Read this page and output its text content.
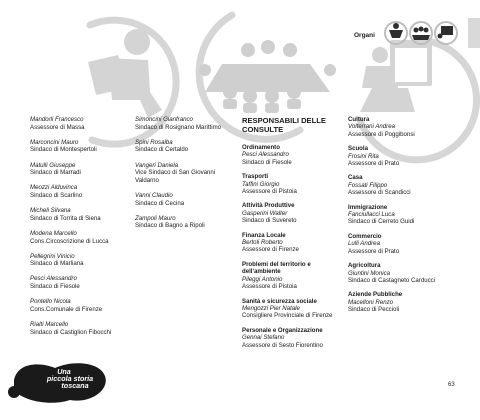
Organi
Mandorli Francesco
Assessore di Massa
Marconcini Mauro
Sindaco di Montespertoli
Matulli Giuseppe
Sindaco di Marradi
Meozzi Alduvinca
Sindaco di Scarlino
Micheli Silvana
Sindaco di Torrita di Siena
Modena Marcello
Cons.Circoscrizione di Lucca
Pellegrini Vinicio
Sindaco di Marliana
Pesci Alessandro
Sindaco di Fiesole
Pontello Nicola
Cons.Comunale di Firenze
Rialti Marcello
Sindaco di Castiglion Fibocchi
Simoncini Gianfranco
Sindaco di Rosignano Marittimo
Spini Rosalba
Sindaco di Certaldo
Vangeri Daniela
Vice Sindaco di San Giovanni Valdarno
Vanni Claudio
Sindaco di Cecina
Zampoli Mauro
Sindaco di Bagno a Ripoli
RESPONSABILI DELLE CONSULTE
Ordinamento
Pesci Alessandro
Sindaco di Fiesole
Trasporti
Taffini Giorgio
Assessore di Pistoia
Attività Produttive
Gasperini Walter
Sindaco di Suvereto
Finanza Locale
Bertoli Roberto
Assessore di Firenze
Problemi del territorio e dell'ambiente
Pileggi Antonio
Assessore di Pistoia
Sanità e sicurezza sociale
Mengozzi Pier Natale
Consigliere Provinciale di Firenze
Personale e Organizzazione
Gennai Stefano
Assessore di Sesto Fiorentino
Cultura
Volterrani Andrea
Assessore di Poggibonsi
Scuola
Frosini Rita
Assessore di Prato
Casa
Fossati Filippo
Assessore di Scandicci
Immigrazione
Fanciullacci Luca
Sindaco di Cerreto Guidi
Commercio
Lulli Andrea
Assessore di Prato
Agricoltura
Giuntini Monica
Sindaco di Castagneto Carducci
Aziende Pubbliche
Macelloni Renzo
Sindaco di Peccioli
Una
piccola storia
toscana	63
